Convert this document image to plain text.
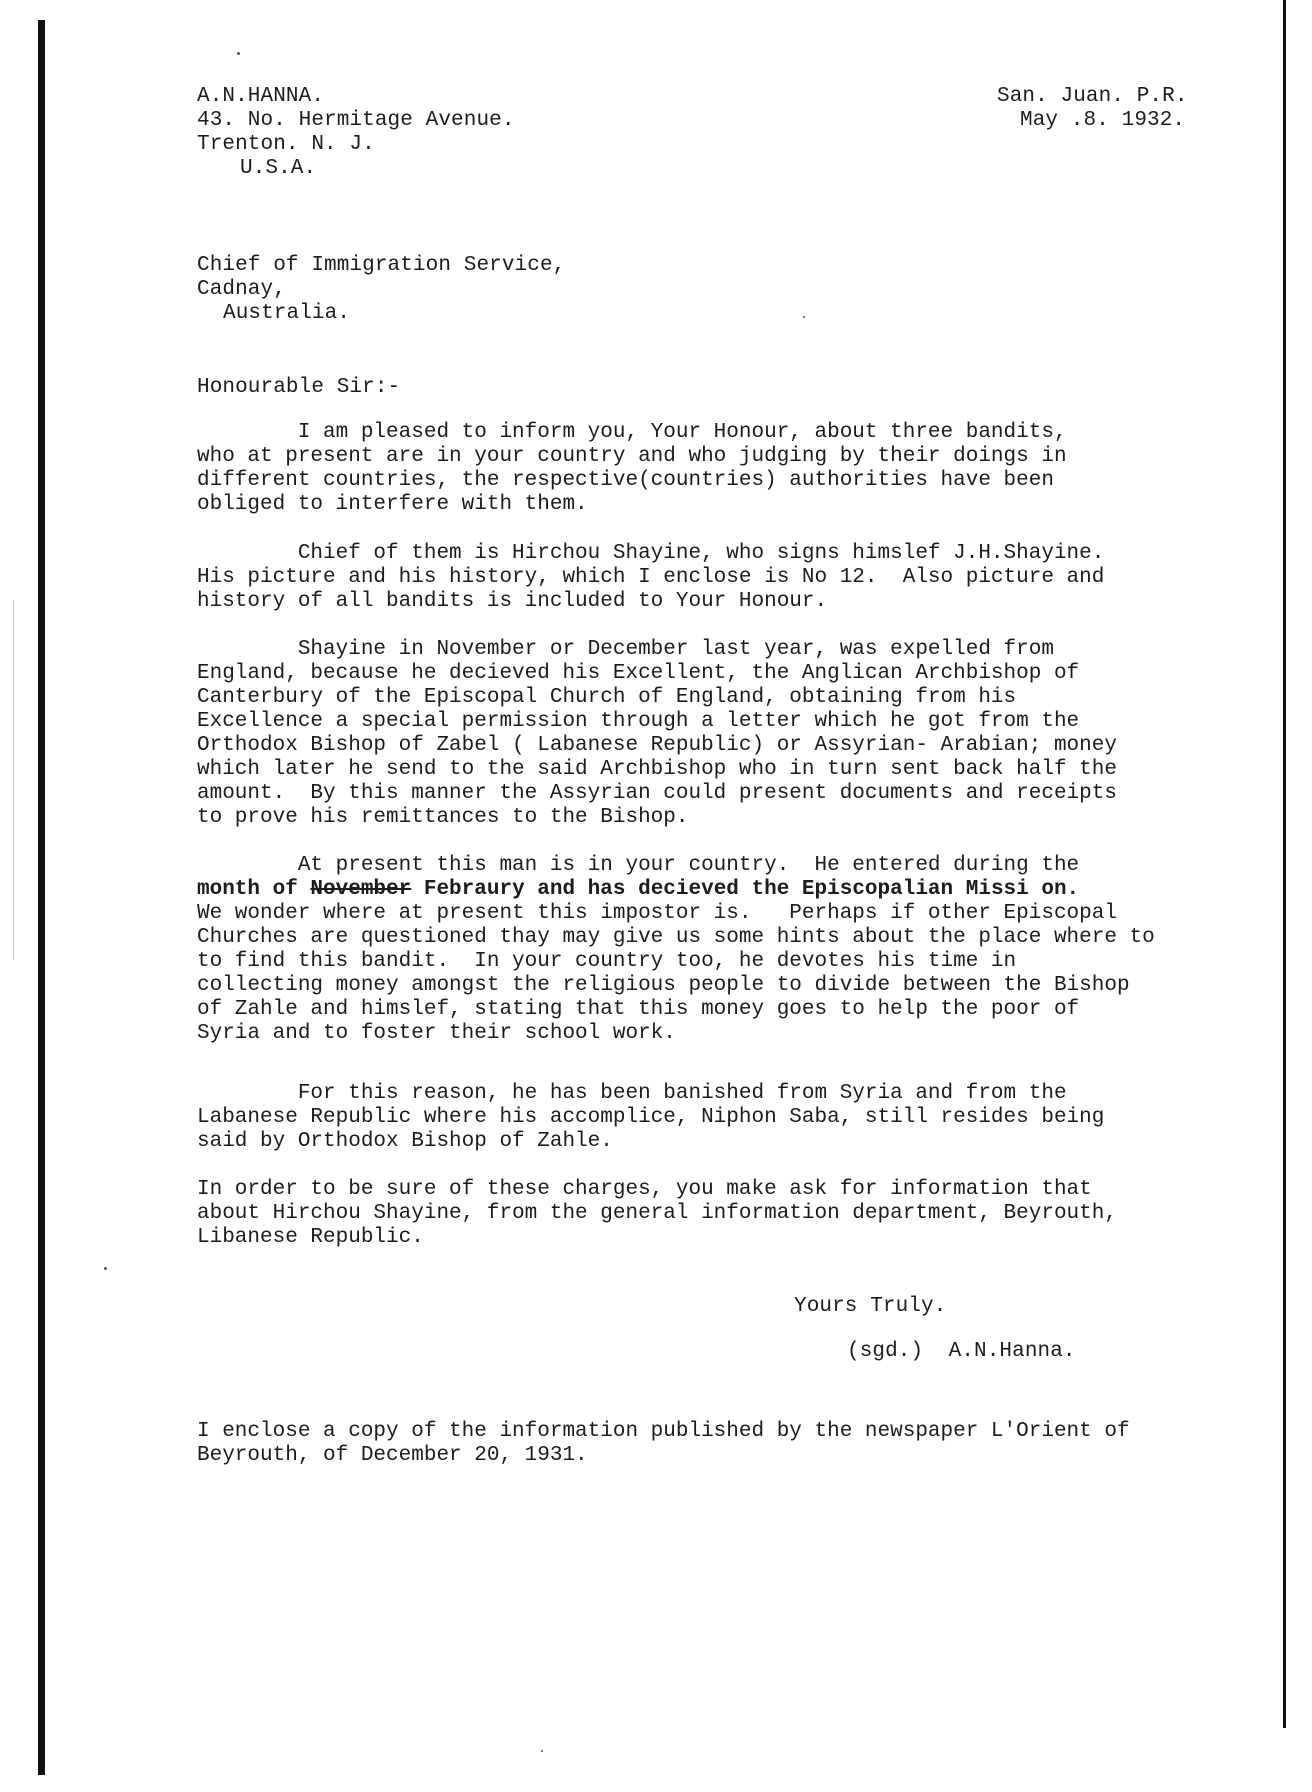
A.N.HANNA.
43. No. Hermitage Avenue.
Trenton. N. J.
U.S.A.
San. Juan. P.R.
May .8. 1932.
Chief of Immigration Service,
Cadnay,
Australia.
Honourable Sir:-
I am pleased to inform you, Your Honour, about three bandits,
who at present are in your country and who judging by their doings in
different countries, the respective(countries) authorities have been
obliged to interfere with them.
Chief of them is Hirchou Shayine, who signs himslef J.H.Shayine.
His picture and his history, which I enclose is No 12.  Also picture and
history of all bandits is included to Your Honour.
Shayine in November or December last year, was expelled from
England, because he decieved his Excellent, the Anglican Archbishop of
Canterbury of the Episcopal Church of England, obtaining from his
Excellence a special permission through a letter which he got from the
Orthodox Bishop of Zabel ( Labanese Republic) or Assyrian- Arabian; money
which later he send to the said Archbishop who in turn sent back half the
amount.  By this manner the Assyrian could present documents and receipts
to prove his remittances to the Bishop.
At present this man is in your country.  He entered during the
month of November Febraury and has decieved the Episcopalian Missi on.
We wonder where at present this impostor is.   Perhaps if other Episcopal
Churches are questioned thay may give us some hints about the place where to
to find this bandit.  In your country too, he devotes his time in
collecting money amongst the religious people to divide between the Bishop
of Zahle and himslef, stating that this money goes to help the poor of
Syria and to foster their school work.
For this reason, he has been banished from Syria and from the
Labanese Republic where his accomplice, Niphon Saba, still resides being
said by Orthodox Bishop of Zahle.
In order to be sure of these charges, you make ask for information that
about Hirchou Shayine, from the general information department, Beyrouth,
Libanese Republic.
Yours Truly.
(sgd.)  A.N.Hanna.
I enclose a copy of the information published by the newspaper L'Orient of
Beyrouth, of December 20, 1931.
